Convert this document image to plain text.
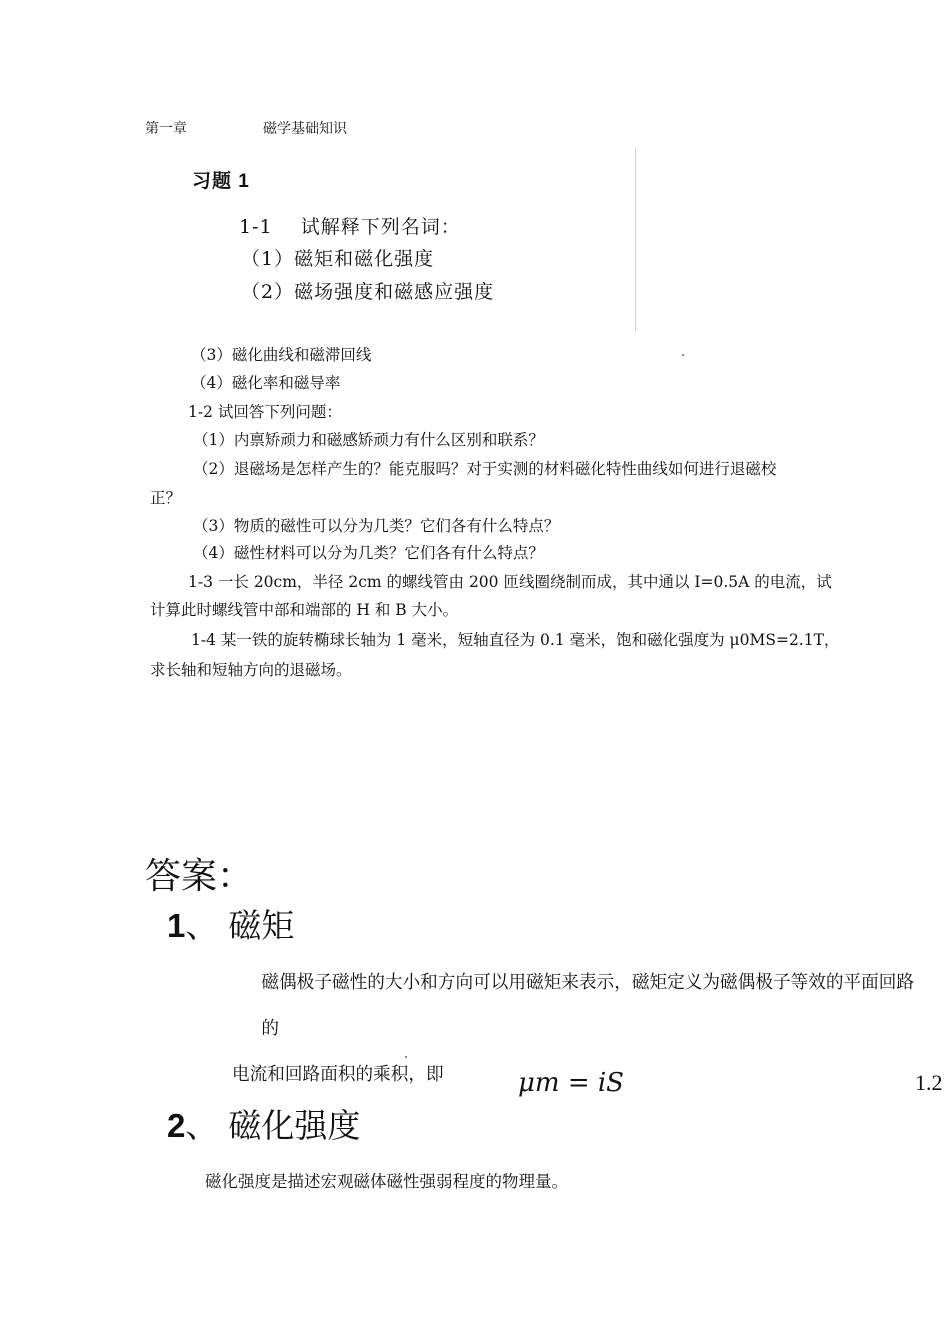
第一章	磁学基础知识
习题 1
1-1 试解释下列名词：
（1）磁矩和磁化强度
（2）磁场强度和磁感应强度
（3）磁化曲线和磁滞回线
（4）磁化率和磁导率
1-2 试回答下列问题：
（1）内禀矫顽力和磁感矫顽力有什么区别和联系？
（2）退磁场是怎样产生的？能克服吗？对于实测的材料磁化特性曲线如何进行退磁校
正？
（3）物质的磁性可以分为几类？它们各有什么特点？
（4）磁性材料可以分为几类？它们各有什么特点？
1-3 一长 20cm，半径 2cm 的螺线管由 200 匝线圈绕制而成，其中通以 I=0.5A 的电流，试
计算此时螺线管中部和端部的 H 和 B 大小。
1-4 某一铁的旋转椭球长轴为 1 毫米，短轴直径为 0.1 毫米，饱和磁化强度为 μ0MS=2.1T，
求长轴和短轴方向的退磁场。
答案：
1、 磁矩
磁偶极子磁性的大小和方向可以用磁矩来表示，磁矩定义为磁偶极子等效的平面回路的
电流和回路面积的乘积，即	μm = iS	1.2
2、 磁化强度
磁化强度是描述宏观磁体磁性强弱程度的物理量。
